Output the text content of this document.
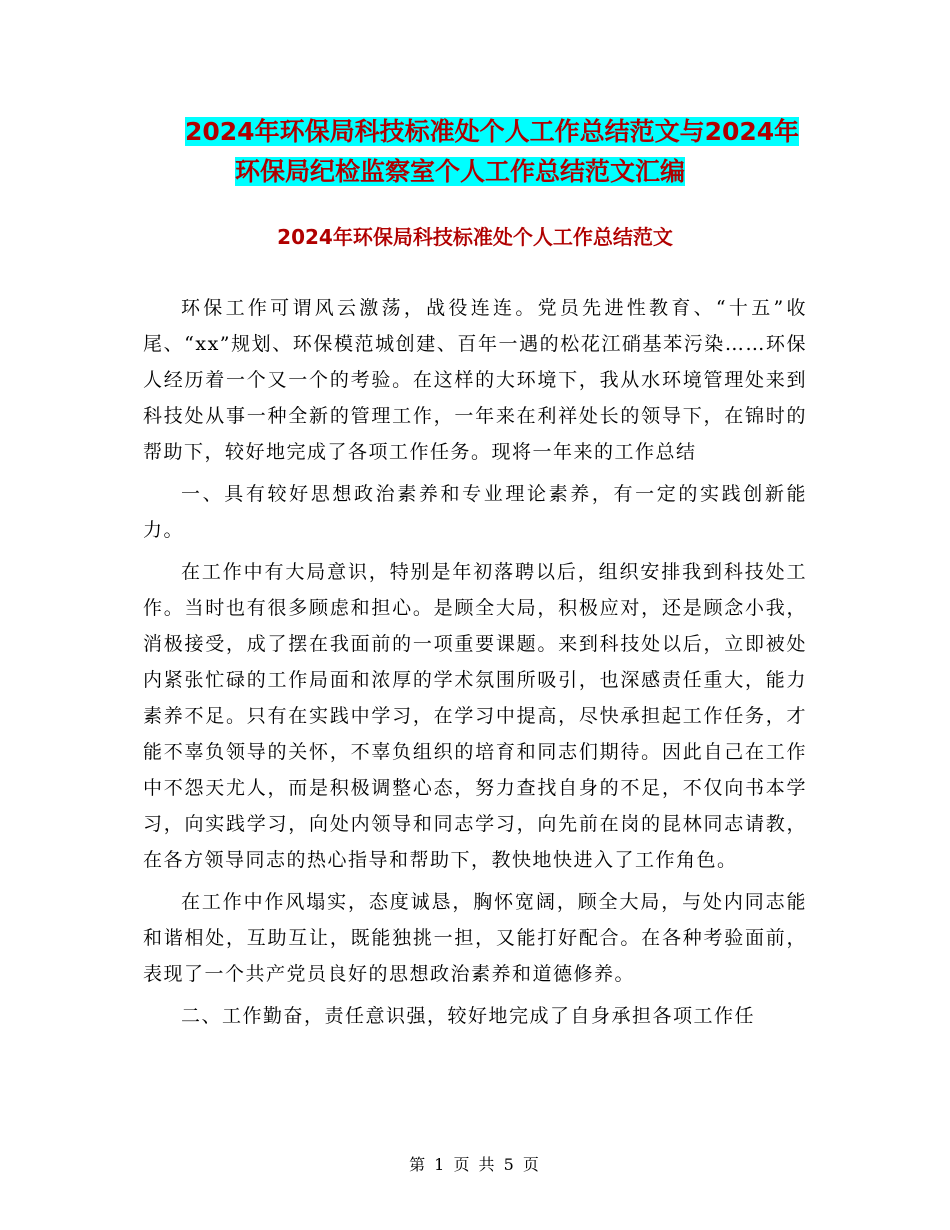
2024年环保局科技标准处个人工作总结范文与2024年
环保局纪检监察室个人工作总结范文汇编
2024年环保局科技标准处个人工作总结范文

环保工作可谓风云激荡，战役连连。党员先进性教育、“十五”收尾、“xx”规划、环保模范城创建、百年一遇的松花江硝基苯污染……环保人经历着一个又一个的考验。在这样的大环境下，我从水环境管理处来到科技处从事一种全新的管理工作，一年来在利祥处长的领导下，在锦时的帮助下，较好地完成了各项工作任务。现将一年来的工作总结

一、具有较好思想政治素养和专业理论素养，有一定的实践创新能力。

在工作中有大局意识，特别是年初落聘以后，组织安排我到科技处工作。当时也有很多顾虑和担心。是顾全大局，积极应对，还是顾念小我，消极接受，成了摆在我面前的一项重要课题。来到科技处以后，立即被处内紧张忙碌的工作局面和浓厚的学术氛围所吸引，也深感责任重大，能力素养不足。只有在实践中学习，在学习中提高，尽快承担起工作任务，才能不辜负领导的关怀，不辜负组织的培育和同志们期待。因此自己在工作中不怨天尤人，而是积极调整心态，努力查找自身的不足，不仅向书本学习，向实践学习，向处内领导和同志学习，向先前在岗的昆林同志请教，在各方领导同志的热心指导和帮助下，教快地快进入了工作角色。

在工作中作风塌实，态度诚恳，胸怀宽阔，顾全大局，与处内同志能和谐相处，互助互让，既能独挑一担，又能打好配合。在各种考验面前，表现了一个共产党员良好的思想政治素养和道德修养。

二、工作勤奋，责任意识强，较好地完成了自身承担各项工作任

第 1 页 共 5 页
